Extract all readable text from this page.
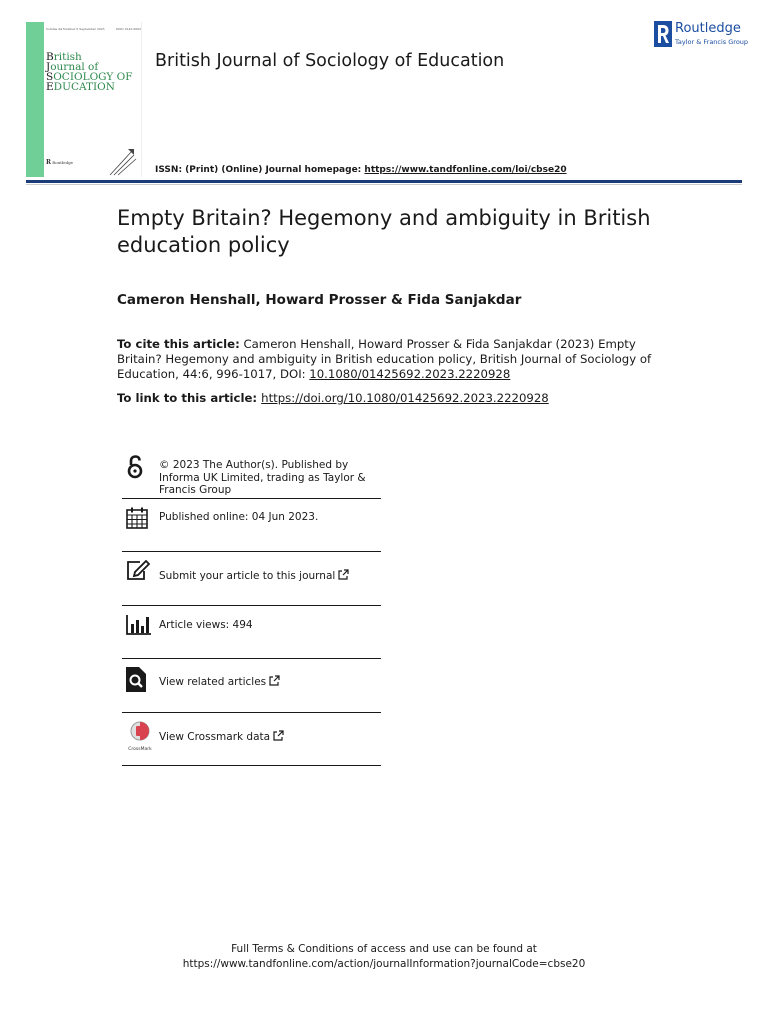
Volume 44 Number 6 September 2023	ISSN 0142-5692
British
Journal of
SOCIOLOGY OF
EDUCATION
R Routledge
British Journal of Sociology of Education
ISSN: (Print) (Online) Journal homepage: https://www.tandfonline.com/loi/cbse20
Routledge
Taylor & Francis Group
Empty Britain? Hegemony and ambiguity in British education policy
Cameron Henshall, Howard Prosser & Fida Sanjakdar
To cite this article: Cameron Henshall, Howard Prosser & Fida Sanjakdar (2023) Empty Britain? Hegemony and ambiguity in British education policy, British Journal of Sociology of Education, 44:6, 996-1017, DOI: 10.1080/01425692.2023.2220928
To link to this article: https://doi.org/10.1080/01425692.2023.2220928
© 2023 The Author(s). Published by Informa UK Limited, trading as Taylor & Francis Group
Published online: 04 Jun 2023.
Submit your article to this journal
Article views: 494
View related articles
CrossMark
View Crossmark data
Full Terms & Conditions of access and use can be found at
https://www.tandfonline.com/action/journalInformation?journalCode=cbse20
